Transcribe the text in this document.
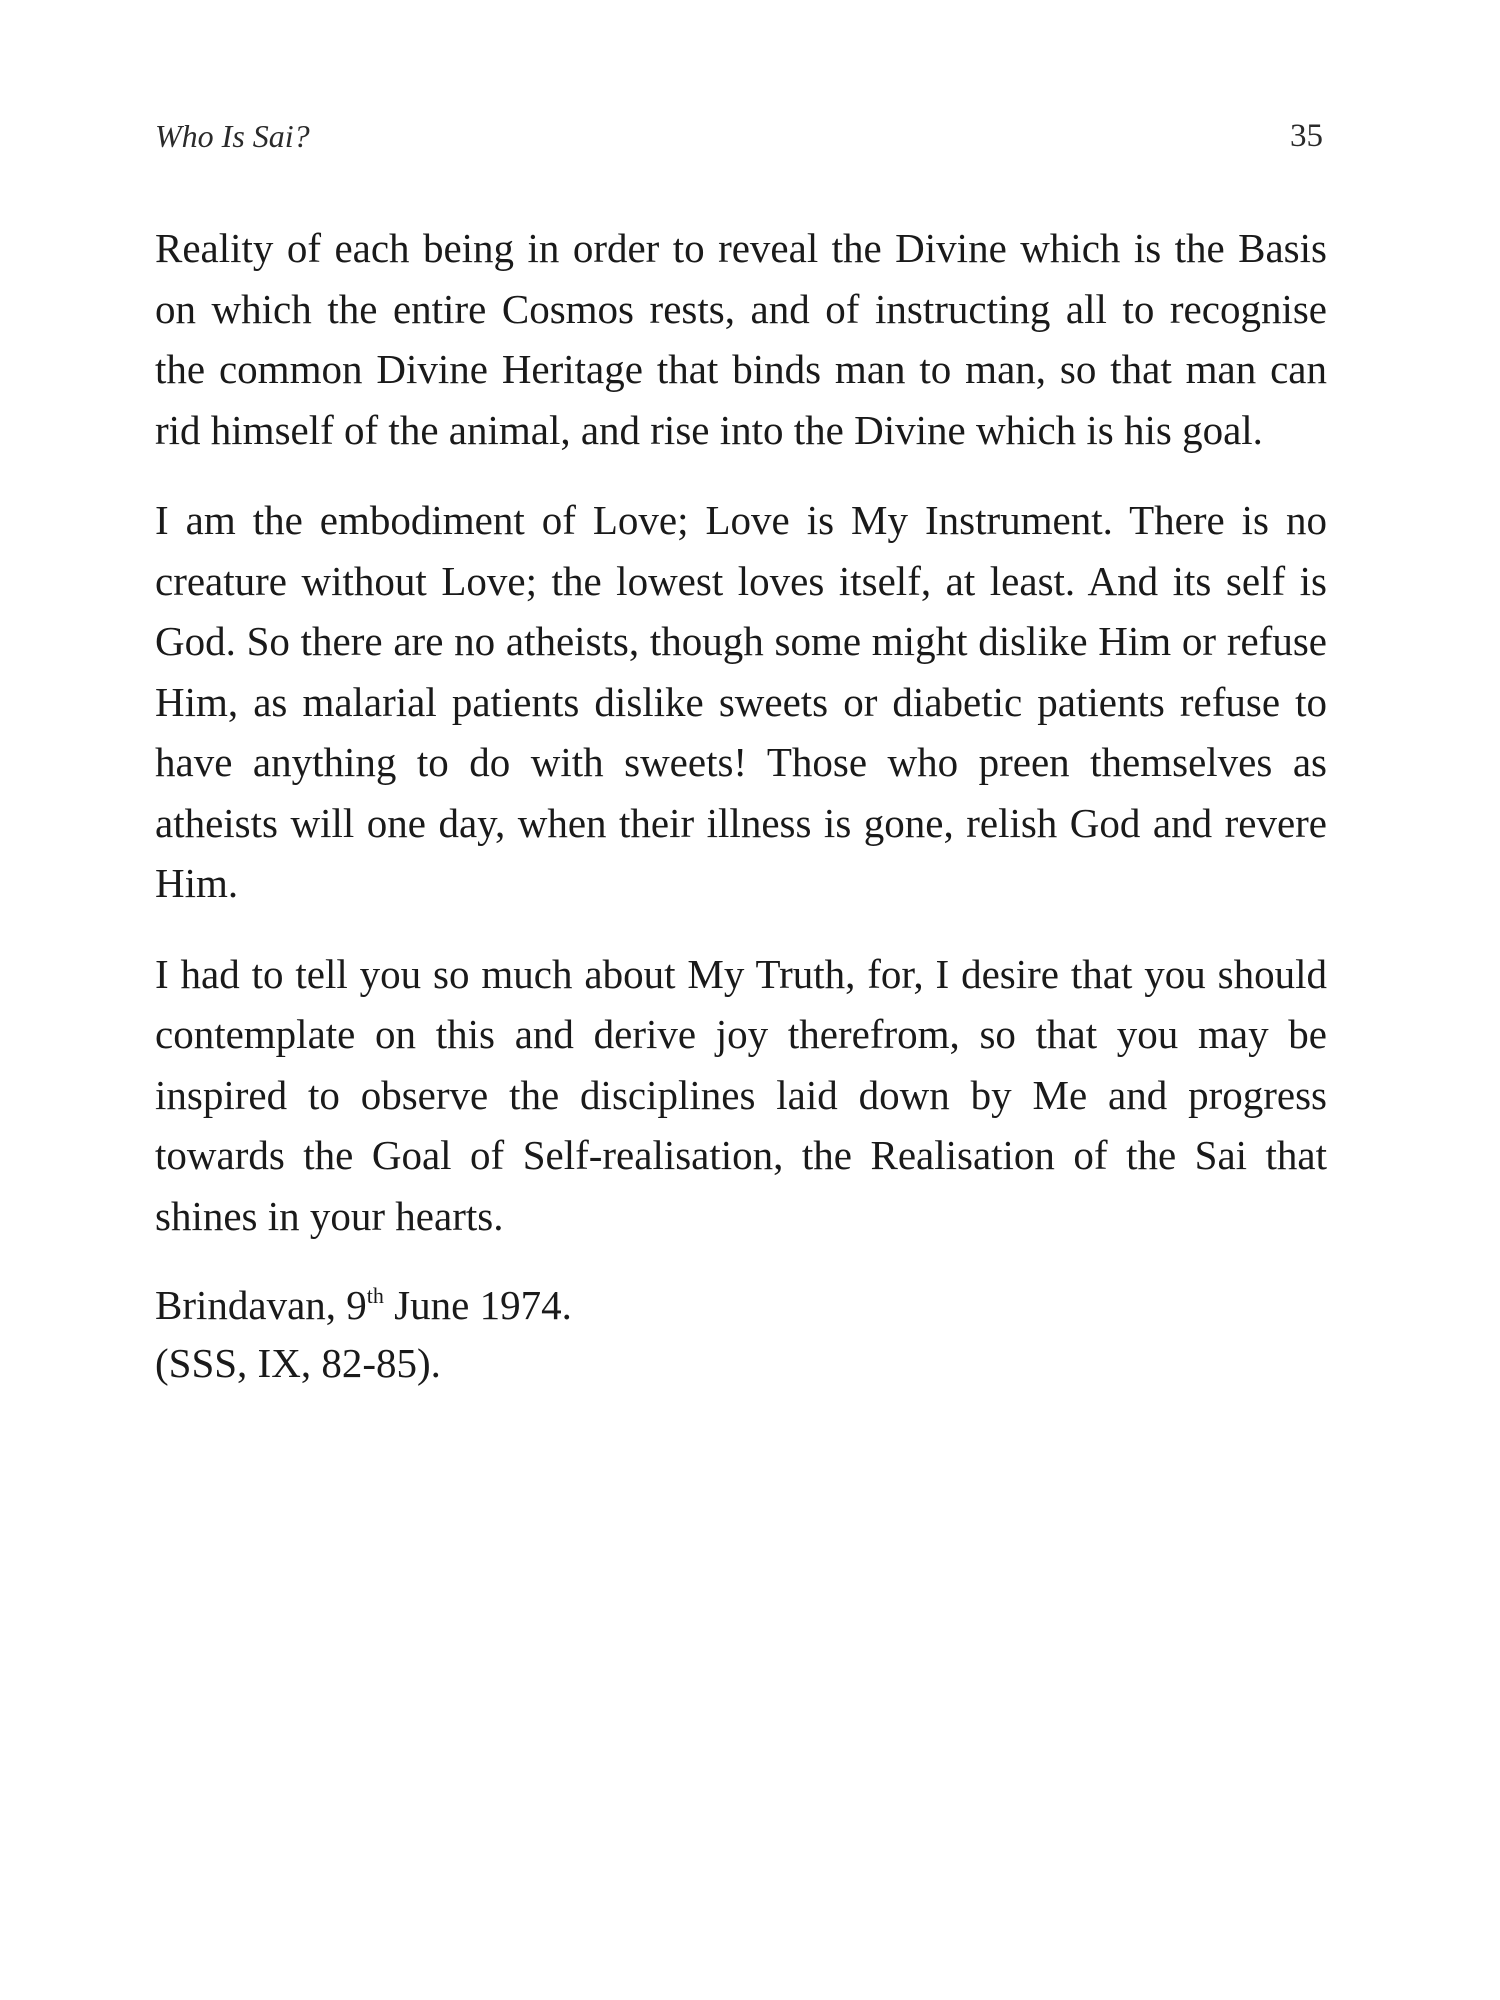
Who Is Sai?	35

Reality of each being in order to reveal the Divine which is the Basis on which the entire Cosmos rests, and of instructing all to recognise the common Divine Heritage that binds man to man, so that man can rid himself of the animal, and rise into the Divine which is his goal.

I am the embodiment of Love; Love is My Instrument. There is no creature without Love; the lowest loves itself, at least. And its self is God. So there are no atheists, though some might dislike Him or refuse Him, as malarial patients dislike sweets or diabetic patients refuse to have anything to do with sweets! Those who preen themselves as atheists will one day, when their illness is gone, relish God and revere Him.

I had to tell you so much about My Truth, for, I desire that you should contemplate on this and derive joy therefrom, so that you may be inspired to observe the disciplines laid down by Me and progress towards the Goal of Self-realisation, the Realisation of the Sai that shines in your hearts.

Brindavan, 9th June 1974.
(SSS, IX, 82-85).
